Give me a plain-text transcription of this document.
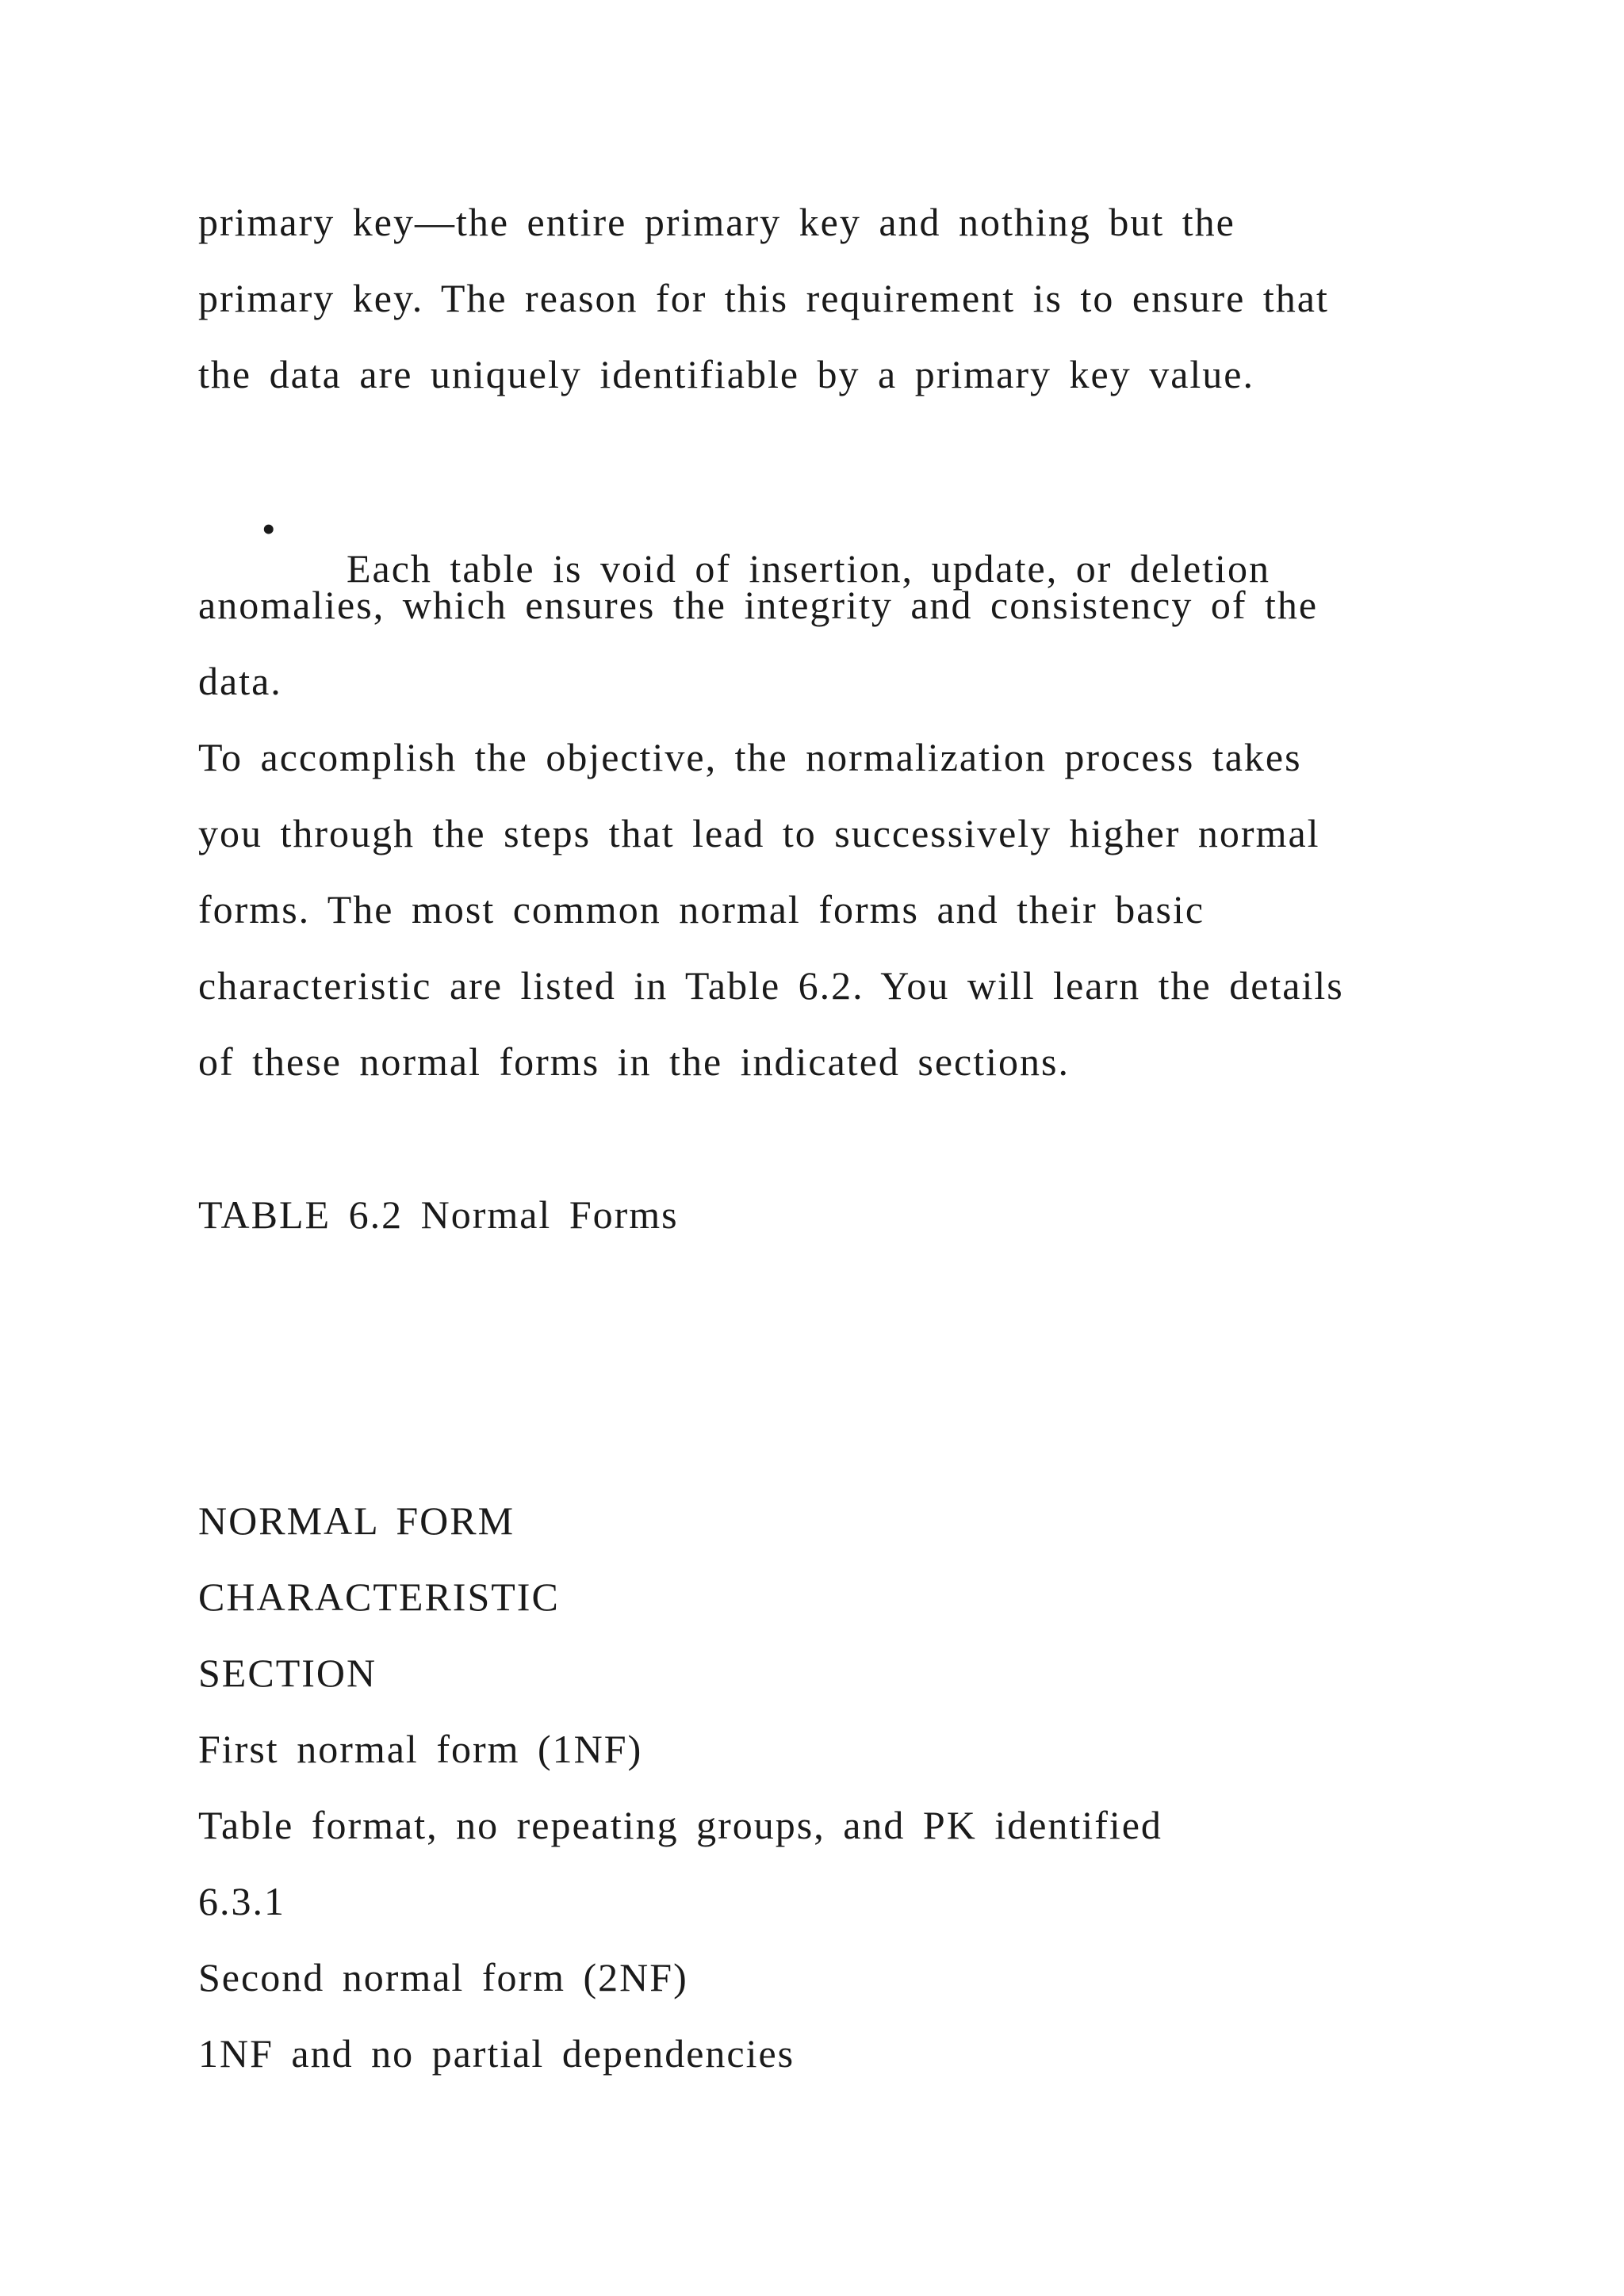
primary key—the entire primary key and nothing but the

primary key. The reason for this requirement is to ensure that

the data are uniquely identifiable by a primary key value.

•

Each table is void of insertion, update, or deletion

anomalies, which ensures the integrity and consistency of the

data.

To accomplish the objective, the normalization process takes

you through the steps that lead to successively higher normal

forms. The most common normal forms and their basic

characteristic are listed in Table 6.2. You will learn the details

of these normal forms in the indicated sections.

TABLE 6.2 Normal Forms

NORMAL FORM

CHARACTERISTIC

SECTION

First normal form (1NF)

Table format, no repeating groups, and PK identified

6.3.1

Second normal form (2NF)

1NF and no partial dependencies
